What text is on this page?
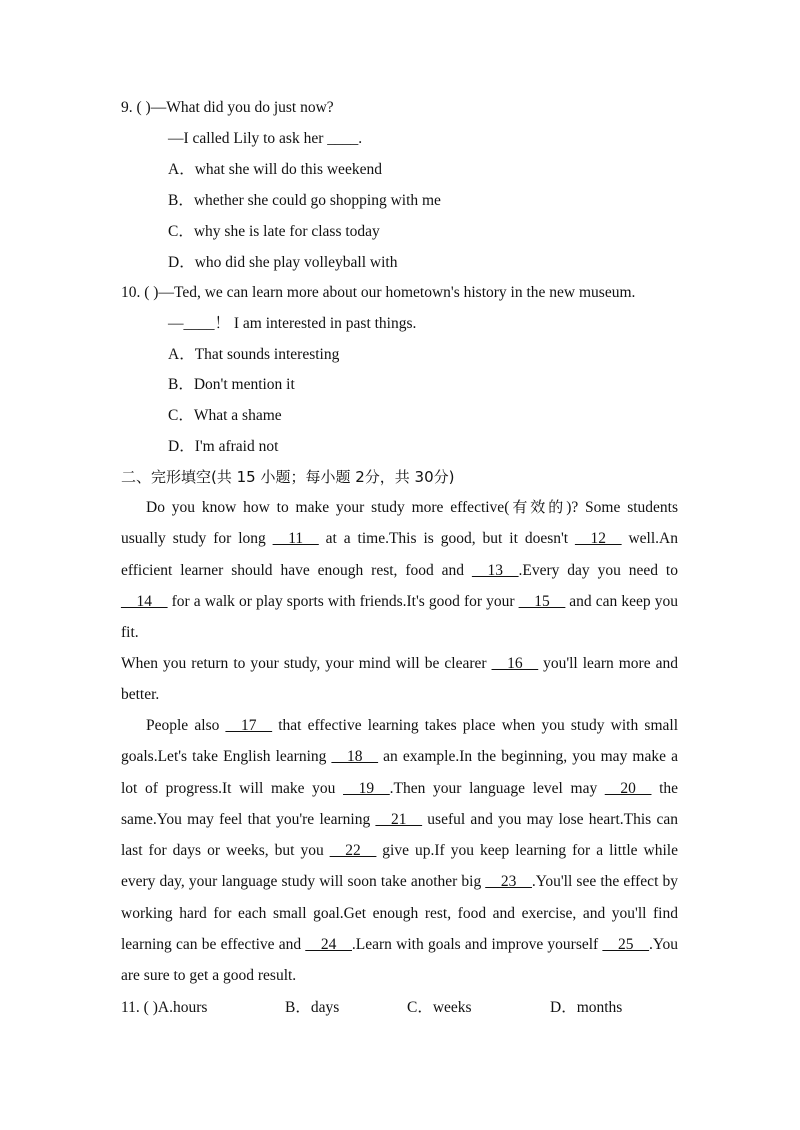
9. ( )—What did you do just now?
—I called Lily to ask her ____.
A．what she will do this weekend
B．whether she could go shopping with me
C．why she is late for class today
D．who did she play volleyball with
10. ( )—Ted, we can learn more about our hometown's history in the new museum.
—____！ I am interested in past things.
A．That sounds interesting
B．Don't mention it
C．What a shame
D．I'm afraid not
二、完形填空(共 15 小题；每小题 2分，共 30分)
Do you know how to make your study more effective(有效的)? Some students usually study for long __11__ at a time.This is good, but it doesn't __12__ well.An efficient learner should have enough rest, food and __13__.Every day you need to __14__ for a walk or play sports with friends.It's good for your __15__ and can keep you fit.
When you return to your study, your mind will be clearer __16__ you'll learn more and better.
People also __17__ that effective learning takes place when you study with small goals.Let's take English learning __18__ an example.In the beginning, you may make a lot of progress.It will make you __19__.Then your language level may __20__ the same.You may feel that you're learning __21__ useful and you may lose heart.This can last for days or weeks, but you __22__ give up.If you keep learning for a little while every day, your language study will soon take another big __23__.You'll see the effect by working hard for each small goal.Get enough rest, food and exercise, and you'll find learning can be effective and __24__.Learn with goals and improve yourself __25__.You are sure to get a good result.
11. ( )A.hours	B．days	C．weeks	D．months
